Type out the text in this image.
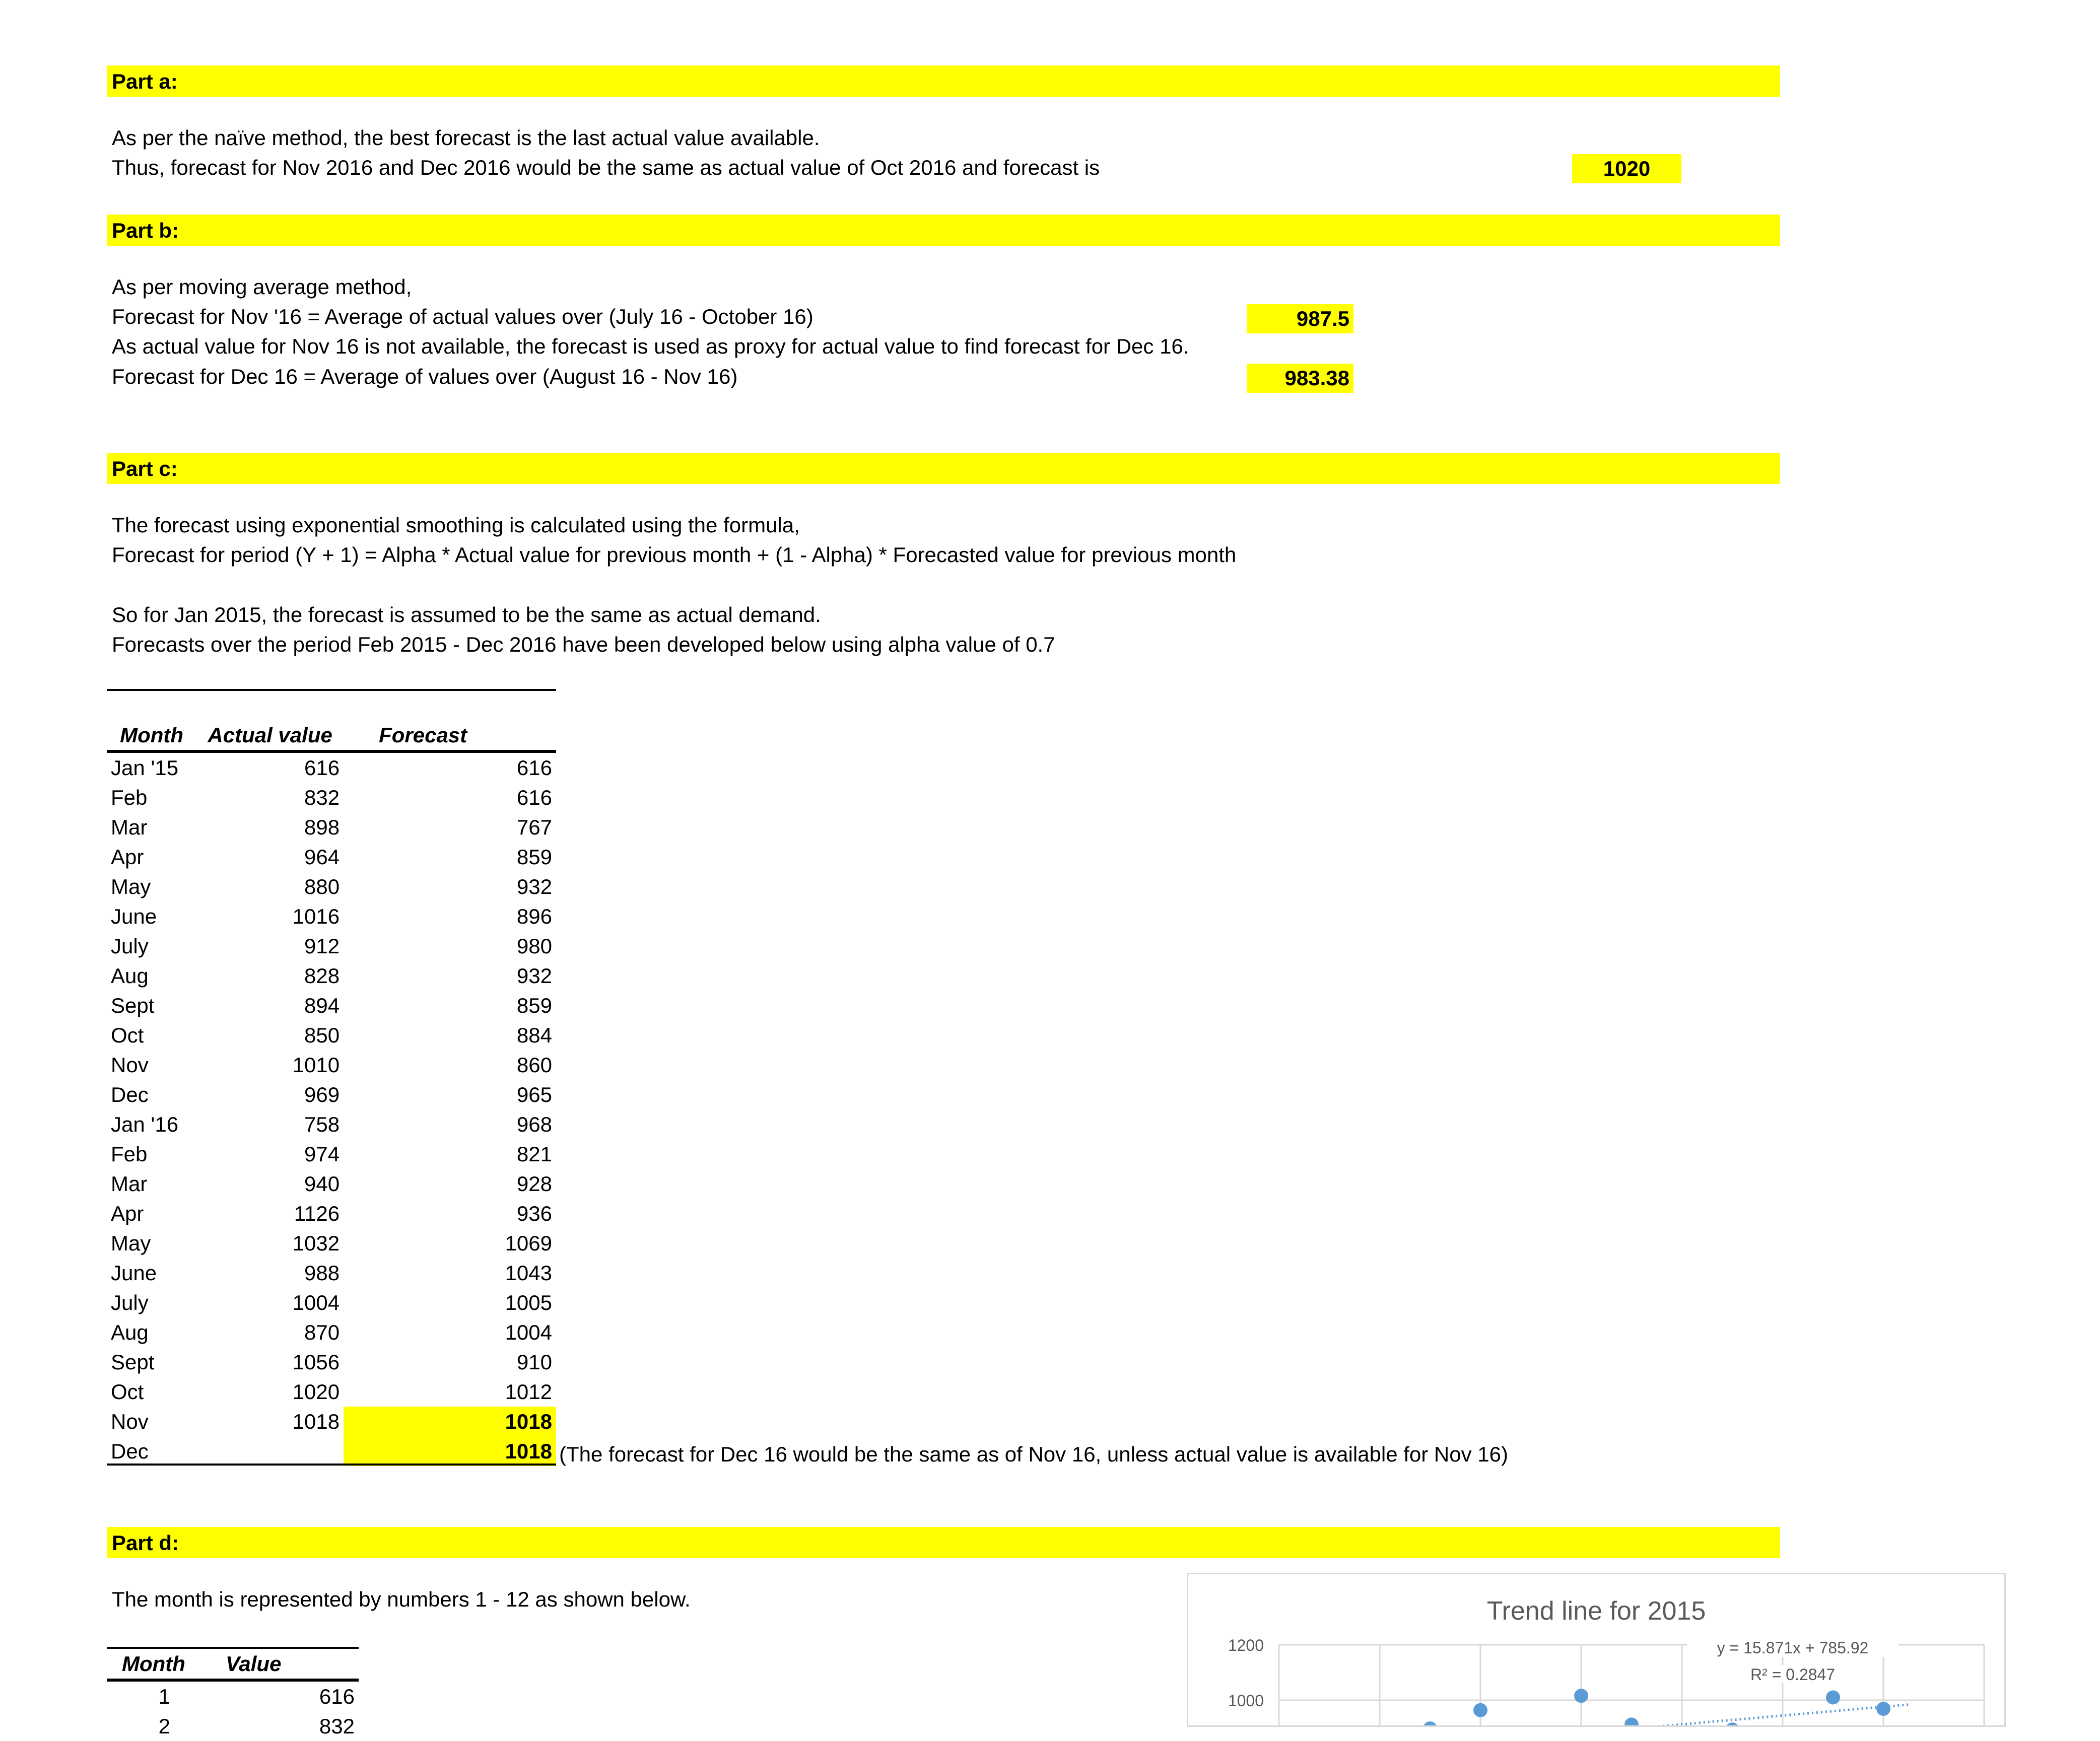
Part a:
As per the naïve method, the best forecast is the last actual value available.
Thus, forecast for Nov 2016 and Dec 2016 would be the same as actual value of Oct 2016 and forecast is	1020
Part b:
As per moving average method,
Forecast for Nov '16 = Average of actual values over (July 16 - October 16)
As actual value for Nov 16 is not available, the forecast is used as proxy for actual value to find forecast for Dec 16.
Forecast for Dec 16 = Average of values over (August 16 - Nov 16)
987.5
983.38
Part c:
The forecast using exponential smoothing is calculated using the formula,
Forecast for period (Y + 1) = Alpha * Actual value for previous month + (1 - Alpha) * Forecasted value for previous month
So for Jan 2015, the forecast is assumed to be the same as actual demand.
Forecasts over the period Feb 2015 - Dec 2016 have been developed below using alpha value of 0.7
Month	Actual value	Forecast
Jan '15	616	616
Feb	832	616
Mar	898	767
Apr	964	859
May	880	932
June	1016	896
July	912	980
Aug	828	932
Sept	894	859
Oct	850	884
Nov	1010	860
Dec	969	965
Jan '16	758	968
Feb	974	821
Mar	940	928
Apr	1126	936
May	1032	1069
June	988	1043
July	1004	1005
Aug	870	1004
Sept	1056	910
Oct	1020	1012
Nov	1018	1018
Dec		1018 (The forecast for Dec 16 would be the same as of Nov 16, unless actual value is available for Nov 16)
Part d:
The month is represented by numbers 1 - 12 as shown below.
Month	Value
1	616
2	832
Trend line for 2015
1200
1000
y = 15.871x + 785.92
R² = 0.2847
